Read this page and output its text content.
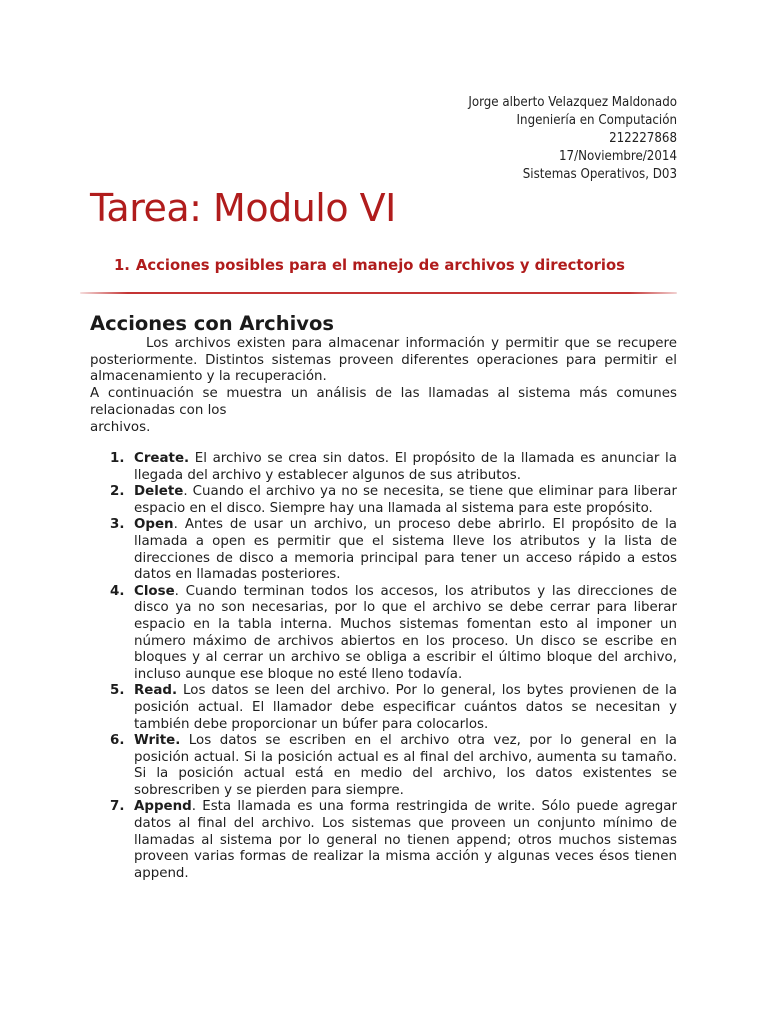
Jorge alberto Velazquez Maldonado
Ingeniería en Computación
212227868
17/Noviembre/2014
Sistemas Operativos, D03
Tarea: Modulo VI
1. Acciones posibles para el manejo de archivos y directorios
Acciones con Archivos

Los archivos existen para almacenar información y permitir que se recupere posteriormente. Distintos sistemas proveen diferentes operaciones para permitir el almacenamiento y la recuperación.

A continuación se muestra un análisis de las llamadas al sistema más comunes relacionadas con los

archivos.

1. Create. El archivo se crea sin datos. El propósito de la llamada es anunciar la llegada del archivo y establecer algunos de sus atributos.
2. Delete. Cuando el archivo ya no se necesita, se tiene que eliminar para liberar espacio en el disco. Siempre hay una llamada al sistema para este propósito.
3. Open. Antes de usar un archivo, un proceso debe abrirlo. El propósito de la llamada a open es permitir que el sistema lleve los atributos y la lista de direcciones de disco a memoria principal para tener un acceso rápido a estos datos en llamadas posteriores.
4. Close. Cuando terminan todos los accesos, los atributos y las direcciones de disco ya no son necesarias, por lo que el archivo se debe cerrar para liberar espacio en la tabla interna. Muchos sistemas fomentan esto al imponer un número máximo de archivos abiertos en los proceso. Un disco se escribe en bloques y al cerrar un archivo se obliga a escribir el último bloque del archivo, incluso aunque ese bloque no esté lleno todavía.
5. Read. Los datos se leen del archivo. Por lo general, los bytes provienen de la posición actual. El llamador debe especificar cuántos datos se necesitan y también debe proporcionar un búfer para colocarlos.
6. Write. Los datos se escriben en el archivo otra vez, por lo general en la posición actual. Si la posición actual es al final del archivo, aumenta su tamaño. Si la posición actual está en medio del archivo, los datos existentes se sobrescriben y se pierden para siempre.
7. Append. Esta llamada es una forma restringida de write. Sólo puede agregar datos al final del archivo. Los sistemas que proveen un conjunto mínimo de llamadas al sistema por lo general no tienen append; otros muchos sistemas proveen varias formas de realizar la misma acción y algunas veces ésos tienen append.
